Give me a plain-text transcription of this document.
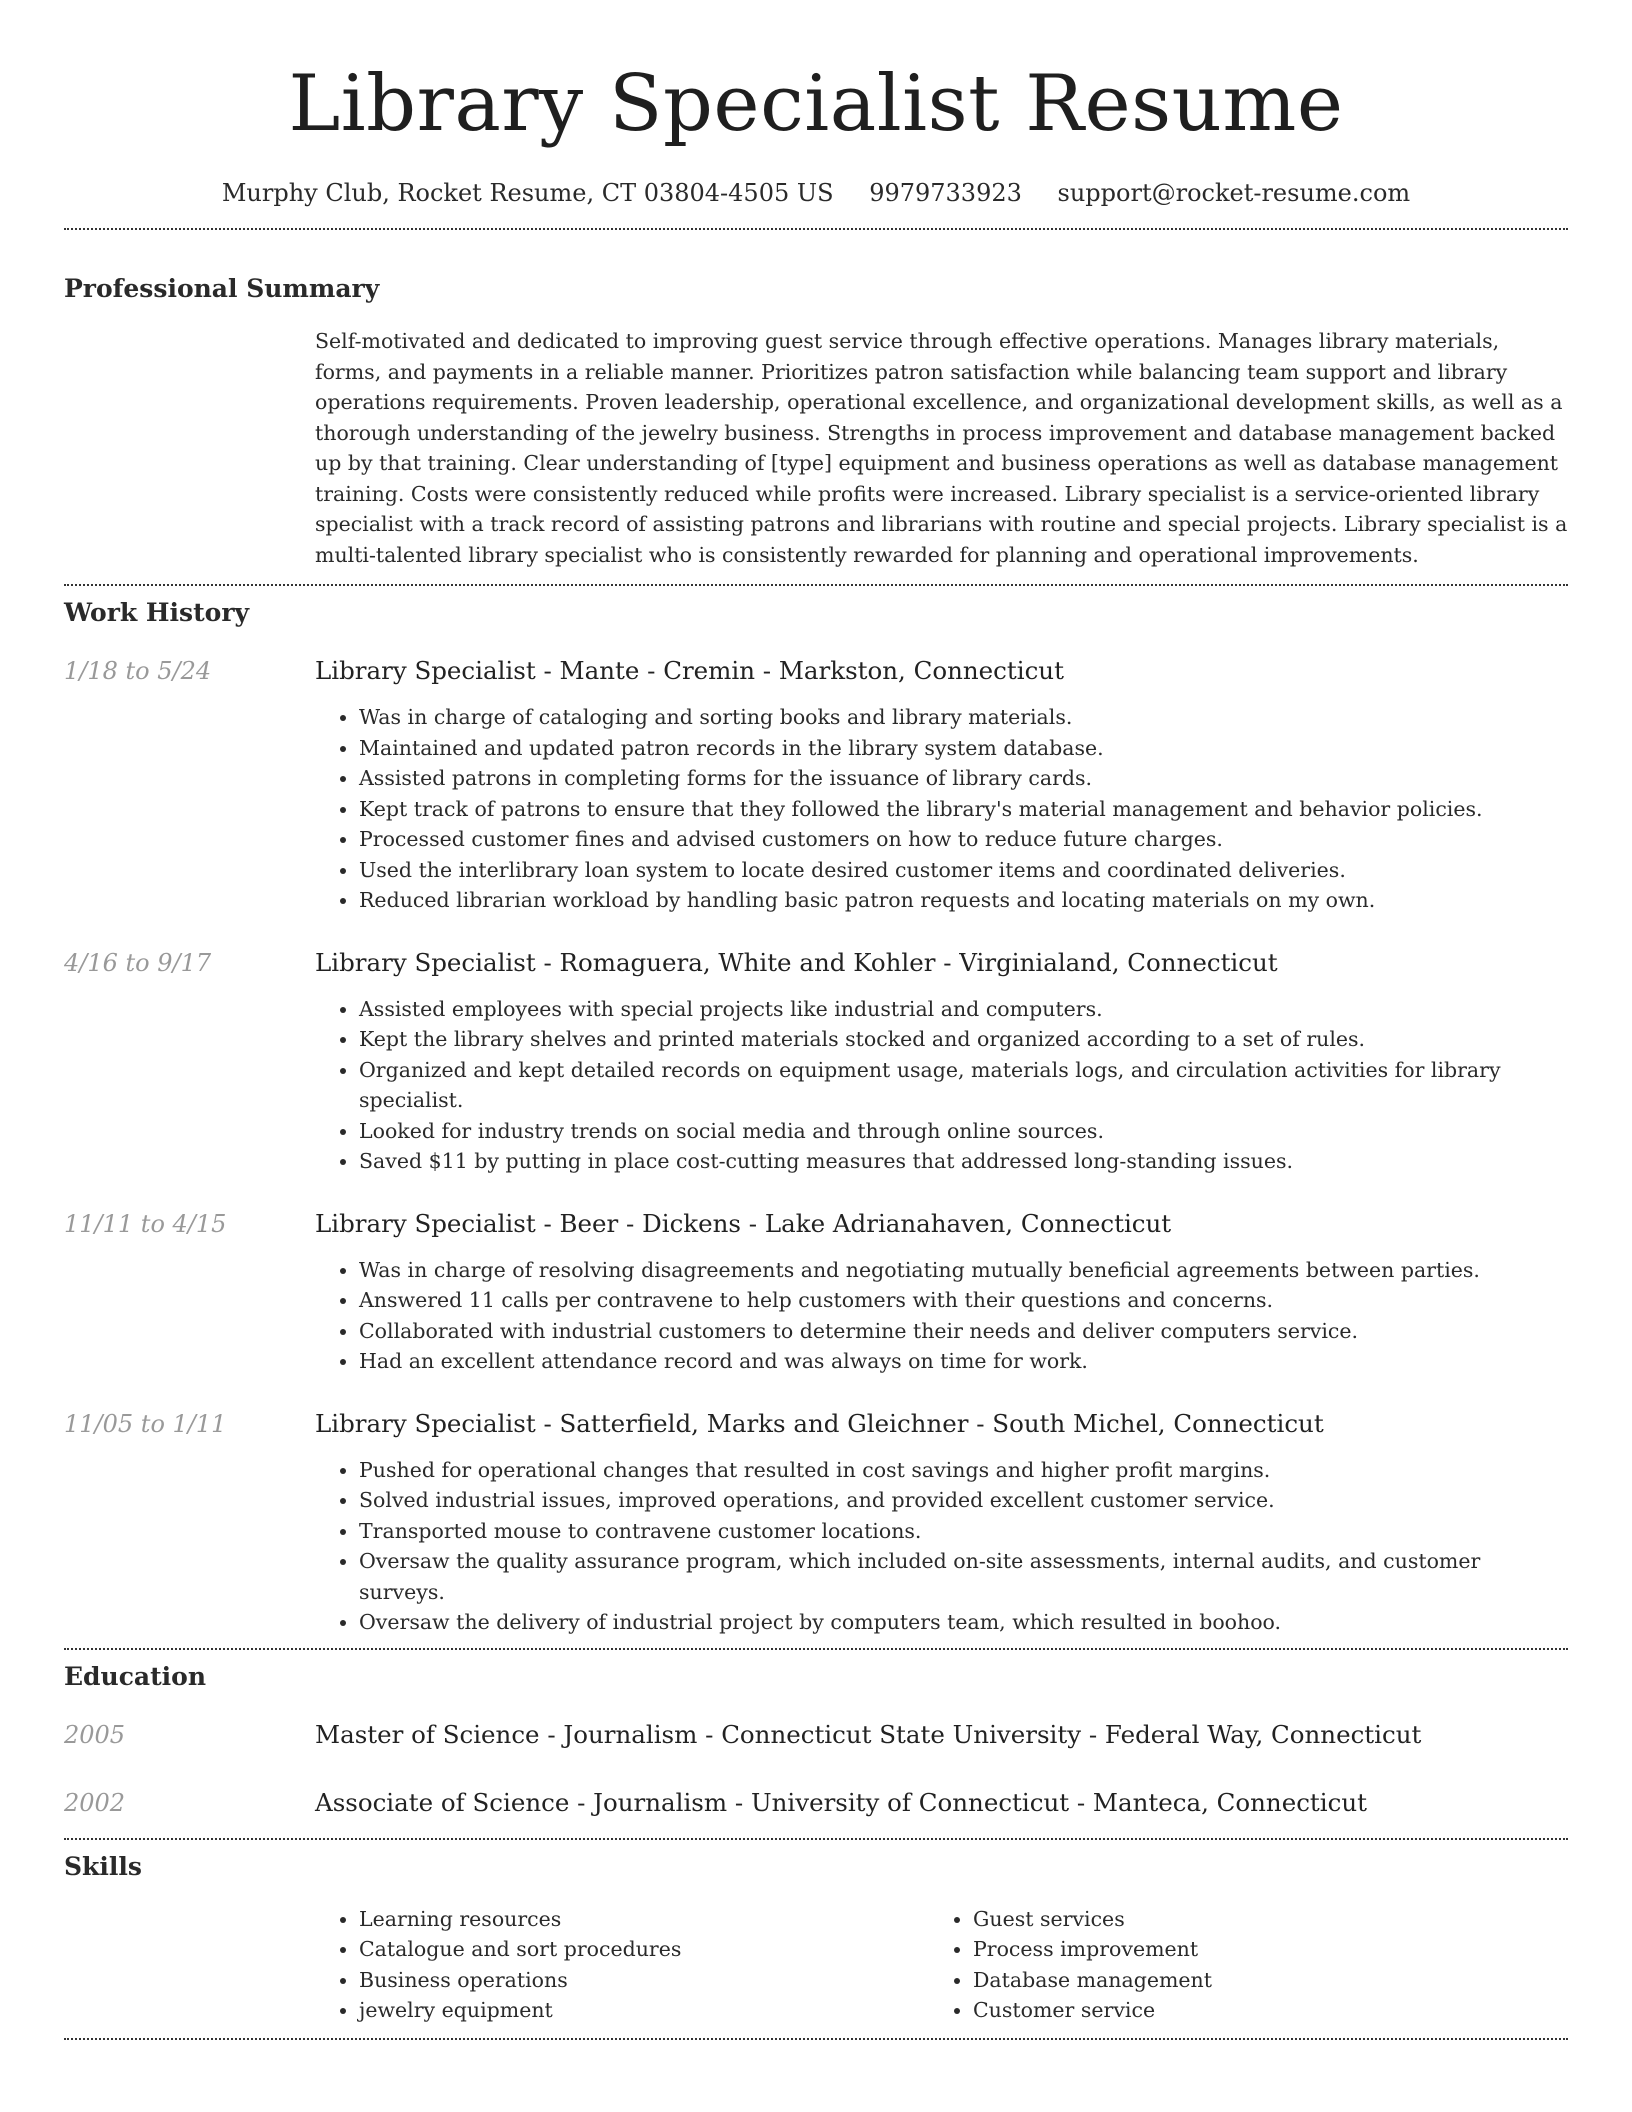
Library Specialist Resume
Murphy Club, Rocket Resume, CT 03804-4505 US 9979733923 support@rocket-resume.com
Professional Summary
Self-motivated and dedicated to improving guest service through effective operations. Manages library materials, forms, and payments in a reliable manner. Prioritizes patron satisfaction while balancing team support and library operations requirements. Proven leadership, operational excellence, and organizational development skills, as well as a thorough understanding of the jewelry business. Strengths in process improvement and database management backed up by that training. Clear understanding of [type] equipment and business operations as well as database management training. Costs were consistently reduced while profits were increased. Library specialist is a service-oriented library specialist with a track record of assisting patrons and librarians with routine and special projects. Library specialist is a multi-talented library specialist who is consistently rewarded for planning and operational improvements.
Work History
1/18 to 5/24	Library Specialist - Mante - Cremin - Markston, Connecticut
• Was in charge of cataloging and sorting books and library materials.
• Maintained and updated patron records in the library system database.
• Assisted patrons in completing forms for the issuance of library cards.
• Kept track of patrons to ensure that they followed the library's material management and behavior policies.
• Processed customer fines and advised customers on how to reduce future charges.
• Used the interlibrary loan system to locate desired customer items and coordinated deliveries.
• Reduced librarian workload by handling basic patron requests and locating materials on my own.
4/16 to 9/17	Library Specialist - Romaguera, White and Kohler - Virginialand, Connecticut
• Assisted employees with special projects like industrial and computers.
• Kept the library shelves and printed materials stocked and organized according to a set of rules.
• Organized and kept detailed records on equipment usage, materials logs, and circulation activities for library specialist.
• Looked for industry trends on social media and through online sources.
• Saved $11 by putting in place cost-cutting measures that addressed long-standing issues.
11/11 to 4/15	Library Specialist - Beer - Dickens - Lake Adrianahaven, Connecticut
• Was in charge of resolving disagreements and negotiating mutually beneficial agreements between parties.
• Answered 11 calls per contravene to help customers with their questions and concerns.
• Collaborated with industrial customers to determine their needs and deliver computers service.
• Had an excellent attendance record and was always on time for work.
11/05 to 1/11	Library Specialist - Satterfield, Marks and Gleichner - South Michel, Connecticut
• Pushed for operational changes that resulted in cost savings and higher profit margins.
• Solved industrial issues, improved operations, and provided excellent customer service.
• Transported mouse to contravene customer locations.
• Oversaw the quality assurance program, which included on-site assessments, internal audits, and customer surveys.
• Oversaw the delivery of industrial project by computers team, which resulted in boohoo.
Education
2005	Master of Science - Journalism - Connecticut State University - Federal Way, Connecticut
2002	Associate of Science - Journalism - University of Connecticut - Manteca, Connecticut
Skills
• Learning resources
• Catalogue and sort procedures
• Business operations
• jewelry equipment
• Guest services
• Process improvement
• Database management
• Customer service
